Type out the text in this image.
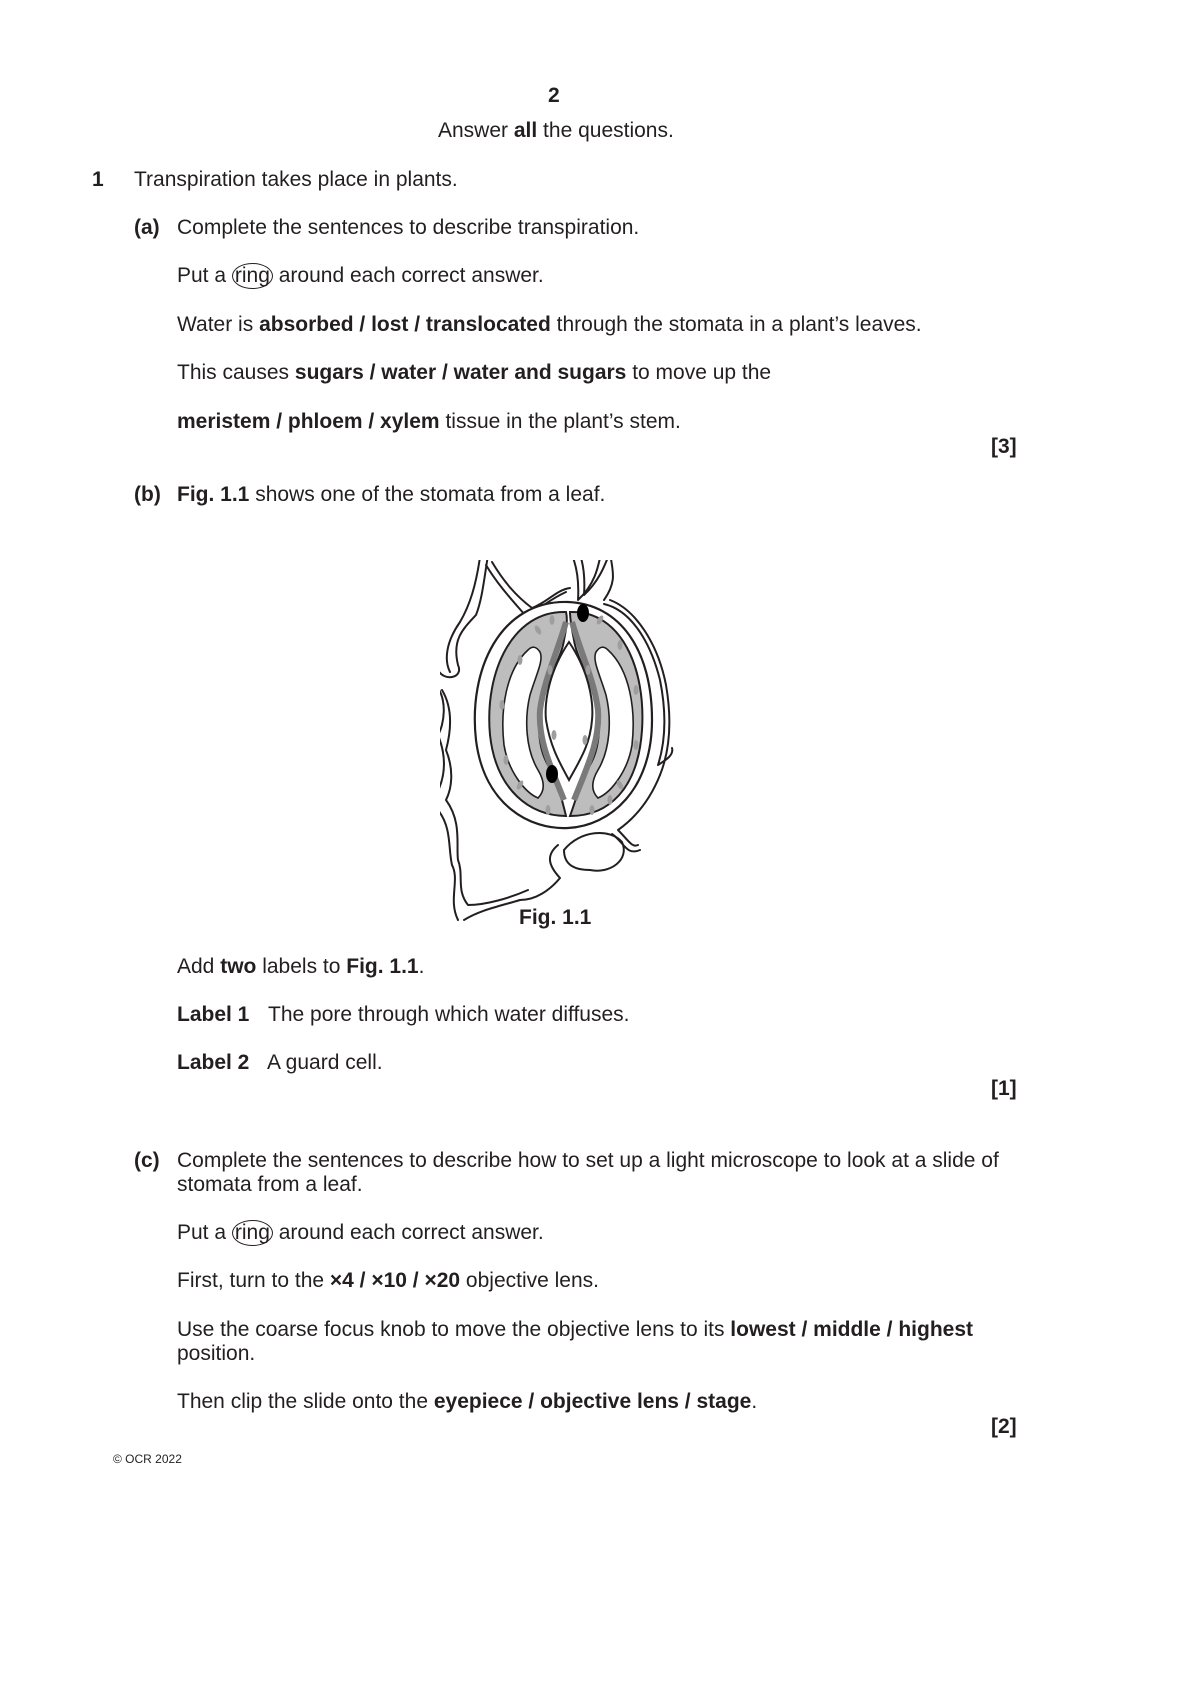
2
Answer all the questions.
1 Transpiration takes place in plants.
(a) Complete the sentences to describe transpiration.
Put a ring around each correct answer.
Water is absorbed / lost / translocated through the stomata in a plant’s leaves.
This causes sugars / water / water and sugars to move up the
meristem / phloem / xylem tissue in the plant’s stem.
[3]
(b) Fig. 1.1 shows one of the stomata from a leaf.
Fig. 1.1
Add two labels to Fig. 1.1.
Label 1 The pore through which water diffuses.
Label 2 A guard cell.
[1]
(c) Complete the sentences to describe how to set up a light microscope to look at a slide of
stomata from a leaf.
Put a ring around each correct answer.
First, turn to the ×4 / ×10 / ×20 objective lens.
Use the coarse focus knob to move the objective lens to its lowest / middle / highest
position.
Then clip the slide onto the eyepiece / objective lens / stage.
[2]
© OCR 2022
